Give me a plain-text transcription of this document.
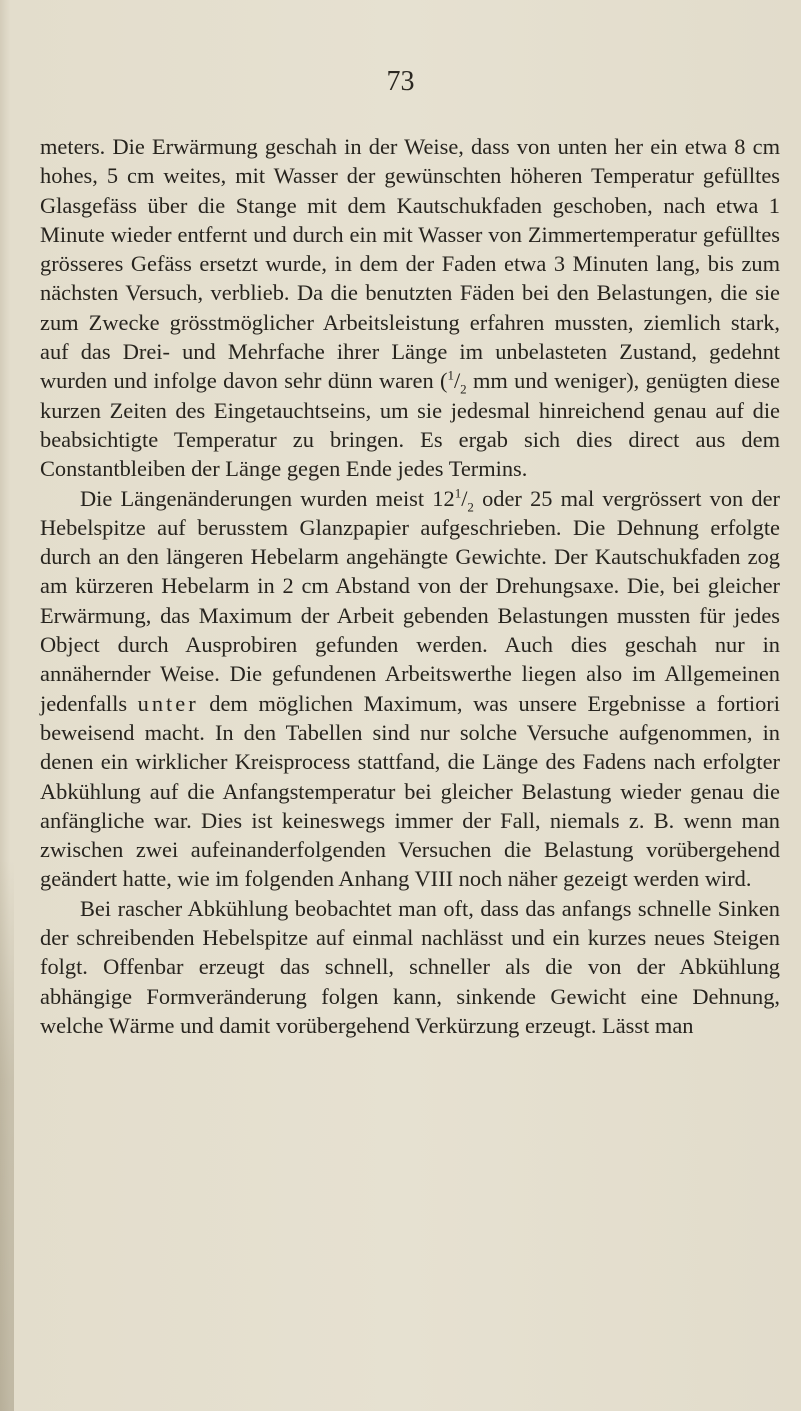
73

meters. Die Erwärmung geschah in der Weise, dass von unten her ein etwa 8 cm hohes, 5 cm weites, mit Wasser der gewünschten höheren Temperatur gefülltes Glasgefäss über die Stange mit dem Kautschukfaden geschoben, nach etwa 1 Minute wieder entfernt und durch ein mit Wasser von Zimmertemperatur gefülltes grösseres Gefäss ersetzt wurde, in dem der Faden etwa 3 Minuten lang, bis zum nächsten Versuch, verblieb. Da die benutzten Fäden bei den Belastungen, die sie zum Zwecke grösstmöglicher Arbeitsleistung erfahren mussten, ziemlich stark, auf das Drei- und Mehrfache ihrer Länge im unbelasteten Zustand, gedehnt wurden und infolge davon sehr dünn waren ($^1/_2$ mm und weniger), genügten diese kurzen Zeiten des Eingetauchtseins, um sie jedesmal hinreichend genau auf die beabsichtigte Temperatur zu bringen. Es ergab sich dies direct aus dem Constantbleiben der Länge gegen Ende jedes Termins.

Die Längenänderungen wurden meist $12^1/_2$ oder 25 mal vergrössert von der Hebelspitze auf berusstem Glanzpapier aufgeschrieben. Die Dehnung erfolgte durch an den längeren Hebelarm angehängte Gewichte. Der Kautschukfaden zog am kürzeren Hebelarm in 2 cm Abstand von der Drehungsaxe. Die, bei gleicher Erwärmung, das Maximum der Arbeit gebenden Belastungen mussten für jedes Object durch Ausprobiren gefunden werden. Auch dies geschah nur in annähernder Weise. Die gefundenen Arbeitswerthe liegen also im Allgemeinen jedenfalls unter dem möglichen Maximum, was unsere Ergebnisse a fortiori beweisend macht. In den Tabellen sind nur solche Versuche aufgenommen, in denen ein wirklicher Kreisprocess stattfand, die Länge des Fadens nach erfolgter Abkühlung auf die Anfangstemperatur bei gleicher Belastung wieder genau die anfängliche war. Dies ist keineswegs immer der Fall, niemals z. B. wenn man zwischen zwei aufeinanderfolgenden Versuchen die Belastung vorübergehend geändert hatte, wie im folgenden Anhang VIII noch näher gezeigt werden wird.

Bei rascher Abkühlung beobachtet man oft, dass das anfangs schnelle Sinken der schreibenden Hebelspitze auf einmal nachlässt und ein kurzes neues Steigen folgt. Offenbar erzeugt das schnell, schneller als die von der Abkühlung abhängige Formveränderung folgen kann, sinkende Gewicht eine Dehnung, welche Wärme und damit vorübergehend Verkürzung erzeugt. Lässt man
